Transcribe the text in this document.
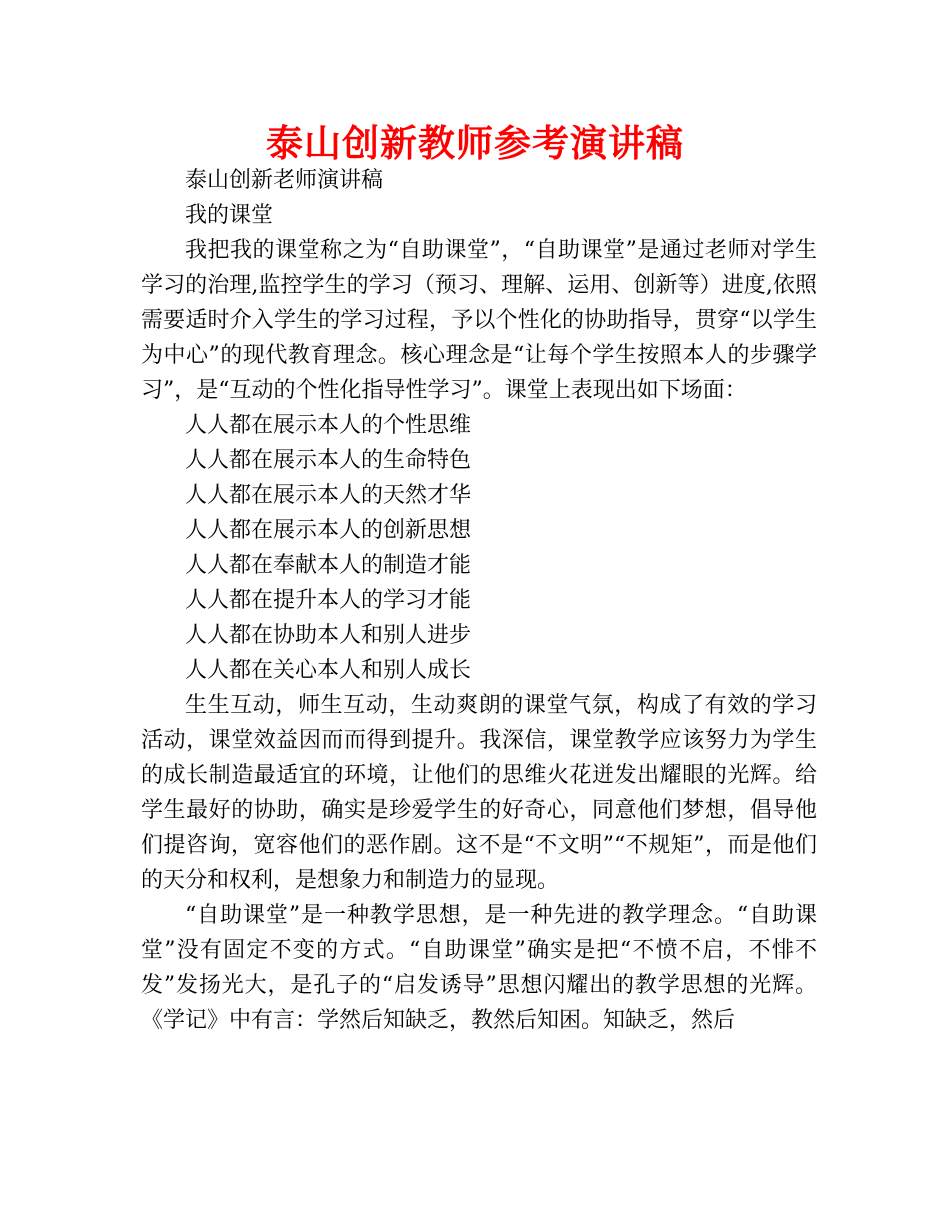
泰山创新教师参考演讲稿

泰山创新老师演讲稿

我的课堂

我把我的课堂称之为“自助课堂”，“自助课堂”是通过老师对学生学习的治理,监控学生的学习（预习、理解、运用、创新等）进度,依照需要适时介入学生的学习过程，予以个性化的协助指导，贯穿“以学生为中心”的现代教育理念。核心理念是“让每个学生按照本人的步骤学习”，是“互动的个性化指导性学习”。课堂上表现出如下场面：

人人都在展示本人的个性思维

人人都在展示本人的生命特色

人人都在展示本人的天然才华

人人都在展示本人的创新思想

人人都在奉献本人的制造才能

人人都在提升本人的学习才能

人人都在协助本人和别人进步

人人都在关心本人和别人成长

生生互动，师生互动，生动爽朗的课堂气氛，构成了有效的学习活动，课堂效益因而而得到提升。我深信，课堂教学应该努力为学生的成长制造最适宜的环境，让他们的思维火花迸发出耀眼的光辉。给学生最好的协助，确实是珍爱学生的好奇心，同意他们梦想，倡导他们提咨询，宽容他们的恶作剧。这不是“不文明”“不规矩”，而是他们的天分和权利，是想象力和制造力的显现。

“自助课堂”是一种教学思想，是一种先进的教学理念。“自助课堂”没有固定不变的方式。“自助课堂”确实是把“不愤不启，不悱不发”发扬光大，是孔子的“启发诱导”思想闪耀出的教学思想的光辉。《学记》中有言：学然后知缺乏，教然后知困。知缺乏，然后
